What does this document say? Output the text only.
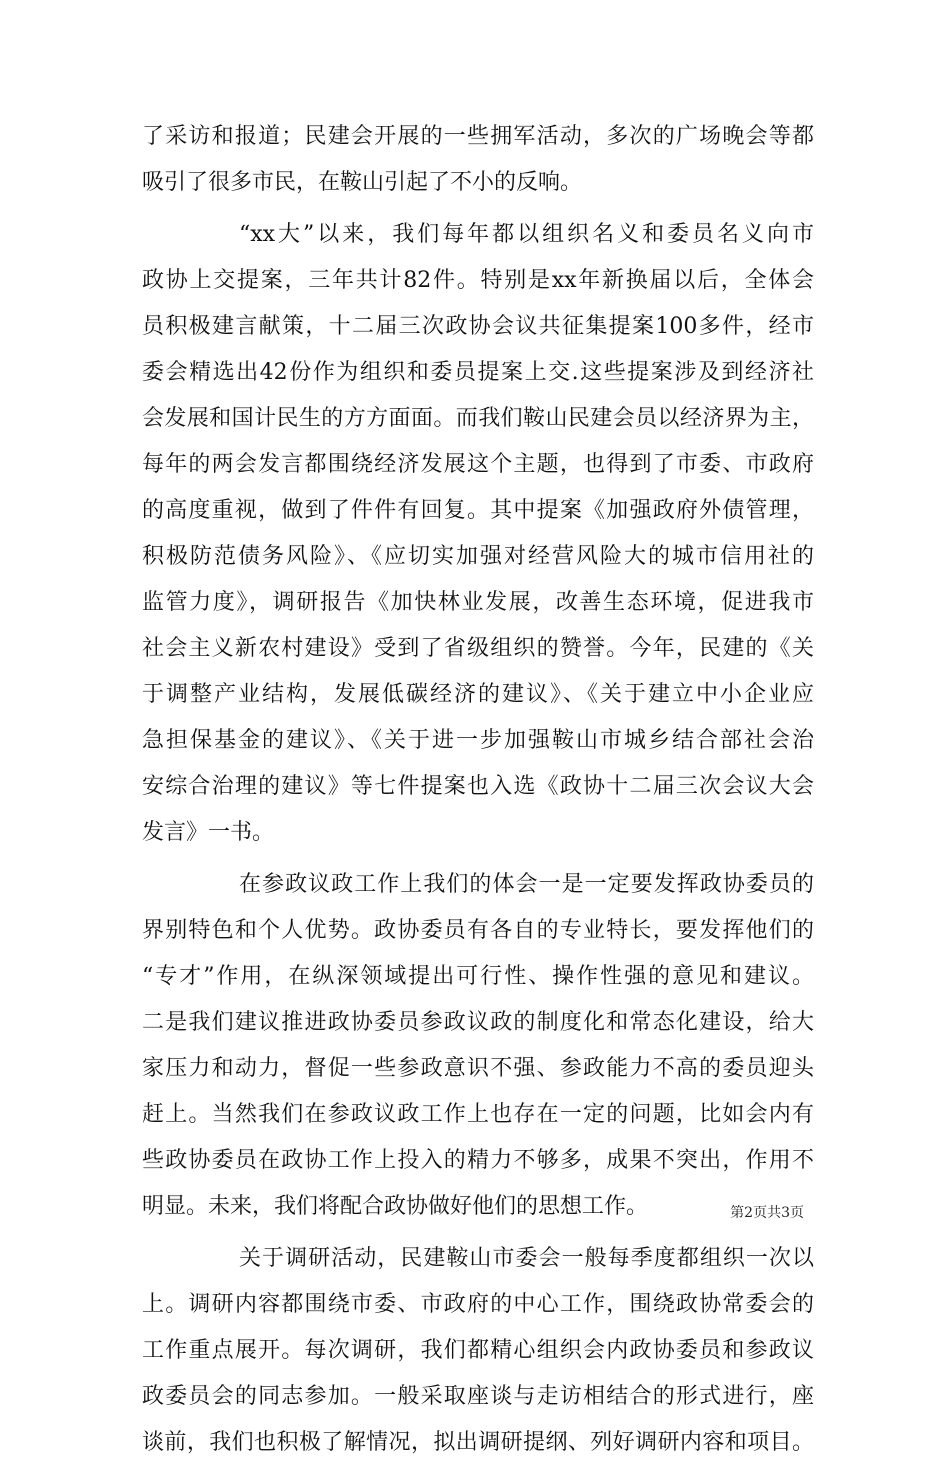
了采访和报道；民建会开展的一些拥军活动，多次的广场晚会等都
吸引了很多市民，在鞍山引起了不小的反响。
“xx大”以来，我们每年都以组织名义和委员名义向市
政协上交提案，三年共计82件。特别是xx年新换届以后，全体会
员积极建言献策，十二届三次政协会议共征集提案100多件，经市
委会精选出42份作为组织和委员提案上交.这些提案涉及到经济社
会发展和国计民生的方方面面。而我们鞍山民建会员以经济界为主，
每年的两会发言都围绕经济发展这个主题，也得到了市委、市政府
的高度重视，做到了件件有回复。其中提案《加强政府外债管理，
积极防范债务风险》、《应切实加强对经营风险大的城市信用社的
监管力度》，调研报告《加快林业发展，改善生态环境，促进我市
社会主义新农村建设》受到了省级组织的赞誉。今年，民建的《关
于调整产业结构，发展低碳经济的建议》、《关于建立中小企业应
急担保基金的建议》、《关于进一步加强鞍山市城乡结合部社会治
安综合治理的建议》等七件提案也入选《政协十二届三次会议大会
发言》一书。
在参政议政工作上我们的体会一是一定要发挥政协委员的
界别特色和个人优势。政协委员有各自的专业特长，要发挥他们的
“专才”作用，在纵深领域提出可行性、操作性强的意见和建议。
二是我们建议推进政协委员参政议政的制度化和常态化建设，给大
家压力和动力，督促一些参政意识不强、参政能力不高的委员迎头
赶上。当然我们在参政议政工作上也存在一定的问题，比如会内有
些政协委员在政协工作上投入的精力不够多，成果不突出，作用不
明显。未来，我们将配合政协做好他们的思想工作。
关于调研活动，民建鞍山市委会一般每季度都组织一次以
上。调研内容都围绕市委、市政府的中心工作，围绕政协常委会的
工作重点展开。每次调研，我们都精心组织会内政协委员和参政议
政委员会的同志参加。一般采取座谈与走访相结合的形式进行，座
谈前，我们也积极了解情况，拟出调研提纲、列好调研内容和项目。
第2页共3页
